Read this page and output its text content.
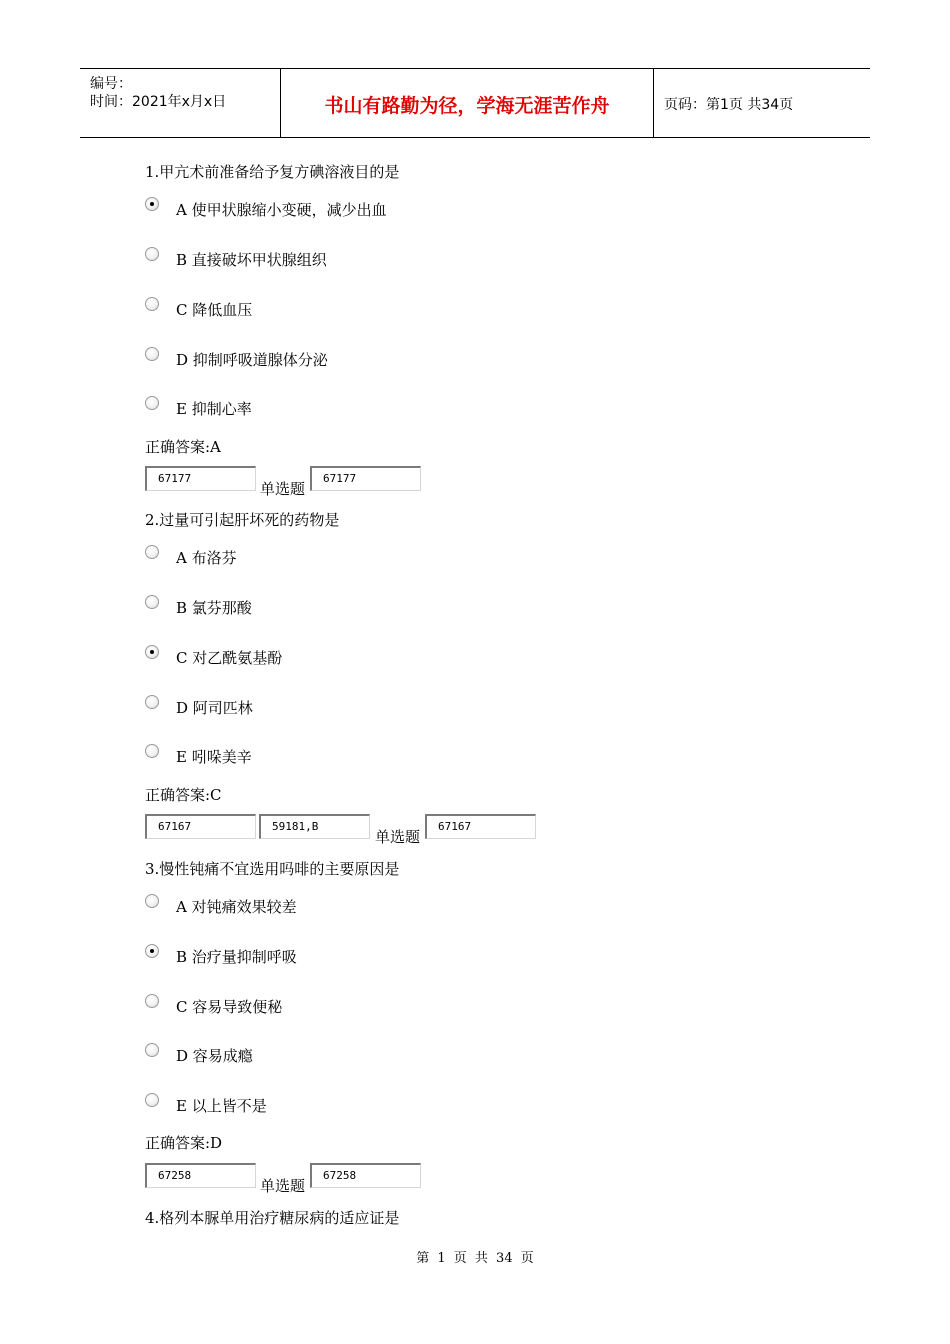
编号：
时间：2021年x月x日	书山有路勤为径，学海无涯苦作舟	页码：第1页 共34页
1.甲亢术前准备给予复方碘溶液目的是
A 使甲状腺缩小变硬，减少出血
B 直接破坏甲状腺组织
C 降低血压
D 抑制呼吸道腺体分泌
E 抑制心率
正确答案:A
67177
单选题
67177
2.过量可引起肝坏死的药物是
A 布洛芬
B 氯芬那酸
C 对乙酰氨基酚
D 阿司匹林
E 吲哚美辛
正确答案:C
67167	59181,B
单选题
67167
3.慢性钝痛不宜选用吗啡的主要原因是
A 对钝痛效果较差
B 治疗量抑制呼吸
C 容易导致便秘
D 容易成瘾
E 以上皆不是
正确答案:D
67258
单选题
67258
4.格列本脲单用治疗糖尿病的适应证是
第 1 页 共 34 页
